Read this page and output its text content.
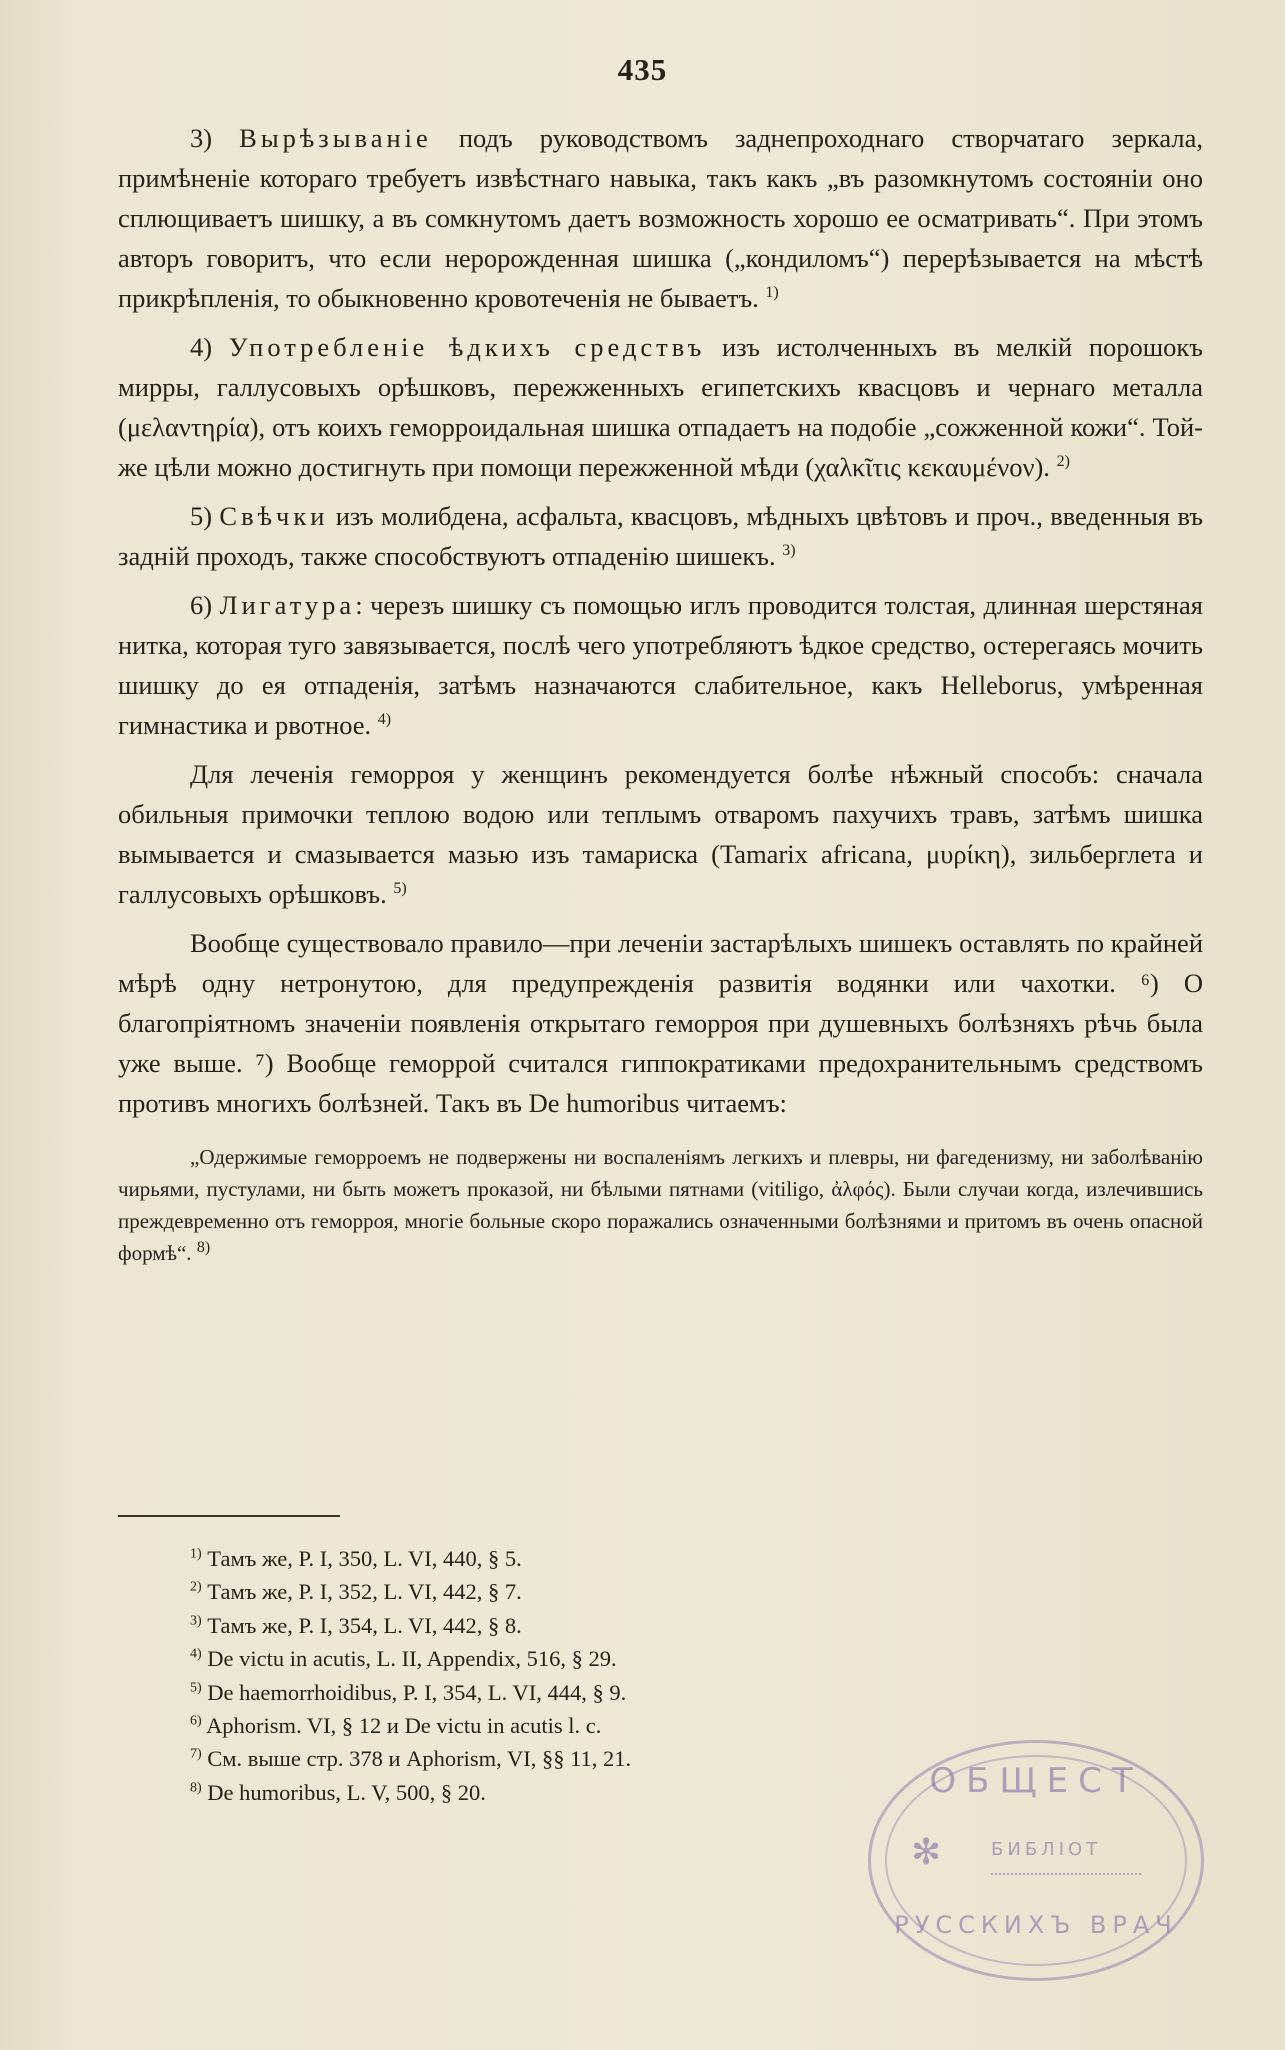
435

3) Вырѣзываніе подъ руководствомъ заднепроходнаго створчатаго зеркала, примѣненіе котораго требуетъ извѣстнаго навыка, такъ какъ „въ разомкнутомъ состояніи оно сплющиваетъ шишку, а въ сомкнутомъ даетъ возможность хорошо ее осматривать“. При этомъ авторъ говоритъ, что если неророжденная шишка („кондиломъ“) перерѣзывается на мѣстѣ прикрѣпленія, то обыкновенно кровотеченія не бываетъ. $^{1)}$

4) Употребленіе ѣдкихъ средствъ изъ истолченныхъ въ мелкій порошокъ мирры, галлусовыхъ орѣшковъ, пережженныхъ египетскихъ квасцовъ и чернаго металла (μελαντηρία), отъ коихъ геморроидальная шишка отпадаетъ на подобіе „сожженной кожи“. Той-же цѣли можно достигнуть при помощи пережженной мѣди (χαλκῖτις κεκαυμένον). $^{2)}$

5) Свѣчки изъ молибдена, асфальта, квасцовъ, мѣдныхъ цвѣтовъ и проч., введенныя въ задній проходъ, также способствуютъ отпаденію шишекъ. $^{3)}$

6) Лигатура: черезъ шишку съ помощью иглъ проводится толстая, длинная шерстяная нитка, которая туго завязывается, послѣ чего употребляютъ ѣдкое средство, остерегаясь мочить шишку до ея отпаденія, затѣмъ назначаются слабительное, какъ Helleborus, умѣренная гимнастика и рвотное. $^{4)}$

Для леченія геморроя у женщинъ рекомендуется болѣе нѣжный способъ: сначала обильныя примочки теплою водою или теплымъ отваромъ пахучихъ травъ, затѣмъ шишка вымывается и смазывается мазью изъ тамариска (Tamarix africana, μυρίκη), зильберглета и галлусовыхъ орѣшковъ. $^{5)}$

Вообще существовало правило—при леченіи застарѣлыхъ шишекъ оставлять по крайней мѣрѣ одну нетронутою, для предупрежденія развитія водянки или чахотки. ⁶) О благопріятномъ значеніи появленія открытаго геморроя при душевныхъ болѣзняхъ рѣчь была уже выше. ⁷) Вообще геморрой считался гиппократиками предохранительнымъ средствомъ противъ многихъ болѣзней. Такъ въ De humoribus читаемъ:

„Одержимые геморроемъ не подвержены ни воспаленіямъ легкихъ и плевры, ни фагеденизму, ни заболѣванію чирьями, пустулами, ни быть можетъ проказой, ни бѣлыми пятнами (vitiligo, ἀλφός). Были случаи когда, излечившись преждевременно отъ геморроя, многіе больные скоро поражались означенными болѣзнями и притомъ въ очень опасной формѣ“. $^{8)}$

$^{1)}$ Тамъ же, P. I, 350, L. VI, 440, § 5.
$^{2)}$ Тамъ же, P. I, 352, L. VI, 442, § 7.
$^{3)}$ Тамъ же, P. I, 354, L. VI, 442, § 8.
$^{4)}$ De victu in acutis, L. II, Appendix, 516, § 29.
$^{5)}$ De haemorrhoidibus, P. I, 354, L. VI, 444, § 9.
$^{6)}$ Aphorism. VI, § 12 и De victu in acutis l. c.
$^{7)}$ См. выше стр. 378 и Aphorism, VI, §§ 11, 21.
$^{8)}$ De humoribus, L. V, 500, § 20.	ОБЩЕСТ
✻	БИБЛІОТ
РУССКИХЪ ВРАЧ
